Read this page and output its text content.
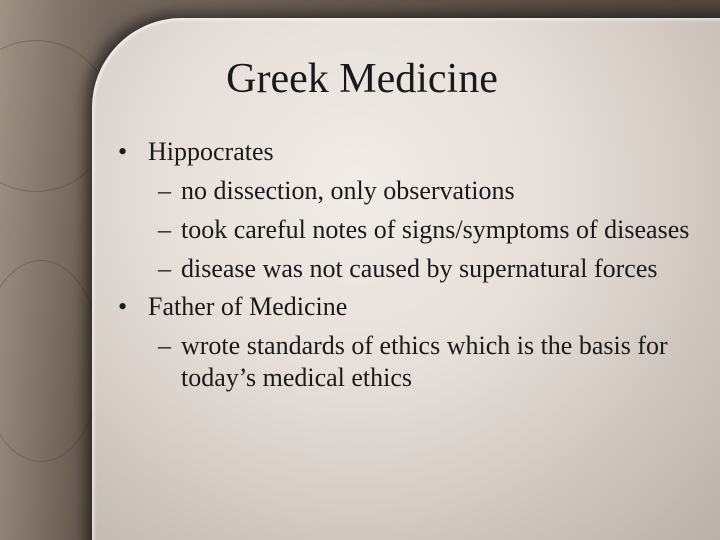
Greek Medicine
• Hippocrates
– no dissection, only observations
– took careful notes of signs/symptoms of diseases
– disease was not caused by supernatural forces
• Father of Medicine
– wrote standards of ethics which is the basis for today’s medical ethics
